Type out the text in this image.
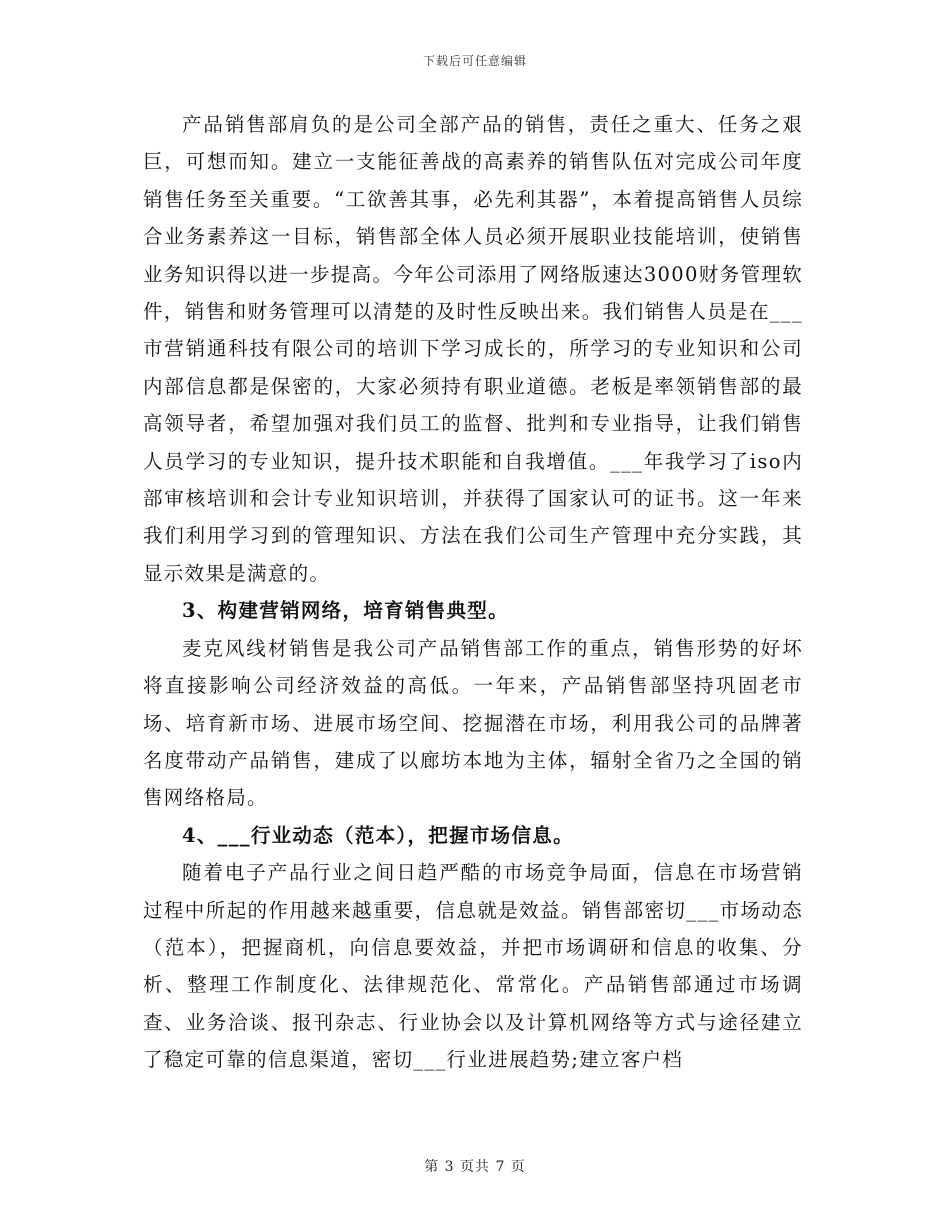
下载后可任意编辑

产品销售部肩负的是公司全部产品的销售，责任之重大、任务之艰巨，可想而知。建立一支能征善战的高素养的销售队伍对完成公司年度销售任务至关重要。“工欲善其事，必先利其器”，本着提高销售人员综合业务素养这一目标，销售部全体人员必须开展职业技能培训，使销售业务知识得以进一步提高。今年公司添用了网络版速达3000财务管理软件，销售和财务管理可以清楚的及时性反映出来。我们销售人员是在___市营销通科技有限公司的培训下学习成长的，所学习的专业知识和公司内部信息都是保密的，大家必须持有职业道德。老板是率领销售部的最高领导者，希望加强对我们员工的监督、批判和专业指导，让我们销售人员学习的专业知识，提升技术职能和自我增值。___年我学习了iso内部审核培训和会计专业知识培训，并获得了国家认可的证书。这一年来我们利用学习到的管理知识、方法在我们公司生产管理中充分实践，其显示效果是满意的。

3、构建营销网络，培育销售典型。

麦克风线材销售是我公司产品销售部工作的重点，销售形势的好坏将直接影响公司经济效益的高低。一年来，产品销售部坚持巩固老市场、培育新市场、进展市场空间、挖掘潜在市场，利用我公司的品牌著名度带动产品销售，建成了以廊坊本地为主体，辐射全省乃之全国的销售网络格局。

4、___行业动态（范本），把握市场信息。

随着电子产品行业之间日趋严酷的市场竞争局面，信息在市场营销过程中所起的作用越来越重要，信息就是效益。销售部密切___市场动态（范本），把握商机，向信息要效益，并把市场调研和信息的收集、分析、整理工作制度化、法律规范化、常常化。产品销售部通过市场调查、业务洽谈、报刊杂志、行业协会以及计算机网络等方式与途径建立了稳定可靠的信息渠道，密切___行业进展趋势;建立客户档

第 3 页共 7 页
